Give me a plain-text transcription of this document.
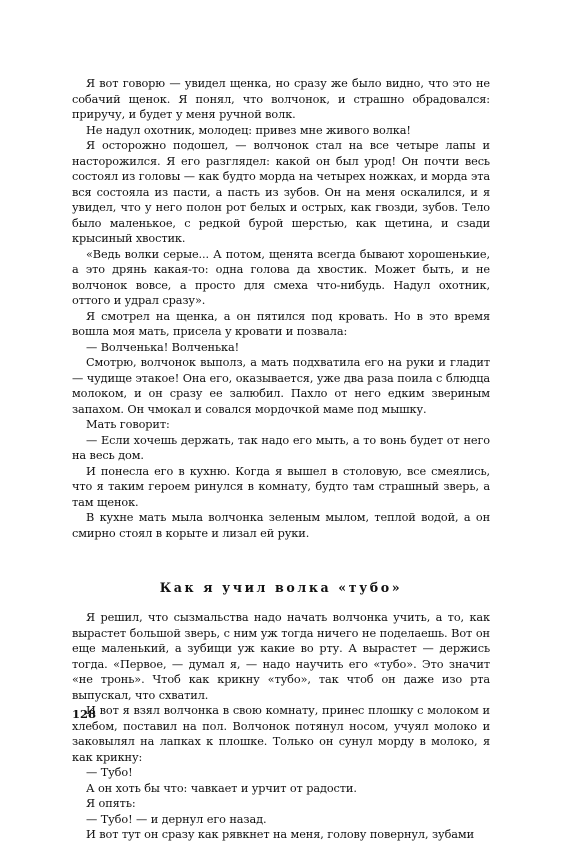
Я вот говорю — увидел щенка, но сразу же было видно, что это не собачий щенок. Я понял, что волчонок, и страшно обрадовался: приручу, и будет у меня ручной волк.

Не надул охотник, молодец: привез мне живого волка!

Я осторожно подошел, — волчонок стал на все четыре лапы и насторожился. Я его разглядел: какой он был урод! Он почти весь состоял из головы — как будто морда на четырех ножках, и морда эта вся состояла из пасти, а пасть из зубов. Он на меня оскалился, и я увидел, что у него полон рот белых и острых, как гвозди, зубов. Тело было маленькое, с редкой бурой шерстью, как щетина, и сзади крысиный хвостик.

«Ведь волки серые... А потом, щенята всегда бывают хорошенькие, а это дрянь какая-то: одна голова да хвостик. Может быть, и не волчонок вовсе, а просто для смеха что-нибудь. Надул охотник, оттого и удрал сразу».

Я смотрел на щенка, а он пятился под кровать. Но в это время вошла моя мать, присела у кровати и позвала:

— Волченька! Волченька!

Смотрю, волчонок выполз, а мать подхватила его на руки и гладит — чудище этакое! Она его, оказывается, уже два раза поила с блюдца молоком, и он сразу ее залюбил. Пахло от него едким звериным запахом. Он чмокал и совался мордочкой маме под мышку.

Мать говорит:

— Если хочешь держать, так надо его мыть, а то вонь будет от него на весь дом.

И понесла его в кухню. Когда я вышел в столовую, все смеялись, что я таким героем ринулся в комнату, будто там страшный зверь, а там щенок.

В кухне мать мыла волчонка зеленым мылом, теплой водой, а он смирно стоял в корыте и лизал ей руки.

Как я учил волка «тубо»

Я решил, что сызмальства надо начать волчонка учить, а то, как вырастет большой зверь, с ним уж тогда ничего не поделаешь. Вот он еще маленький, а зубищи уж какие во рту. А вырастет — держись тогда. «Первое, — думал я, — надо научить его «тубо». Это значит «не тронь». Чтоб как крикну «тубо», так чтоб он даже изо рта выпускал, что схватил.

И вот я взял волчонка в свою комнату, принес плошку с молоком и хлебом, поставил на пол. Волчонок потянул носом, учуял молоко и заковылял на лапках к плошке. Только он сунул морду в молоко, я как крикну:

— Тубо!

А он хоть бы что: чавкает и урчит от радости.

Я опять:

— Тубо! — и дернул его назад.

И вот тут он сразу как рявкнет на меня, голову повернул, зубами

128
